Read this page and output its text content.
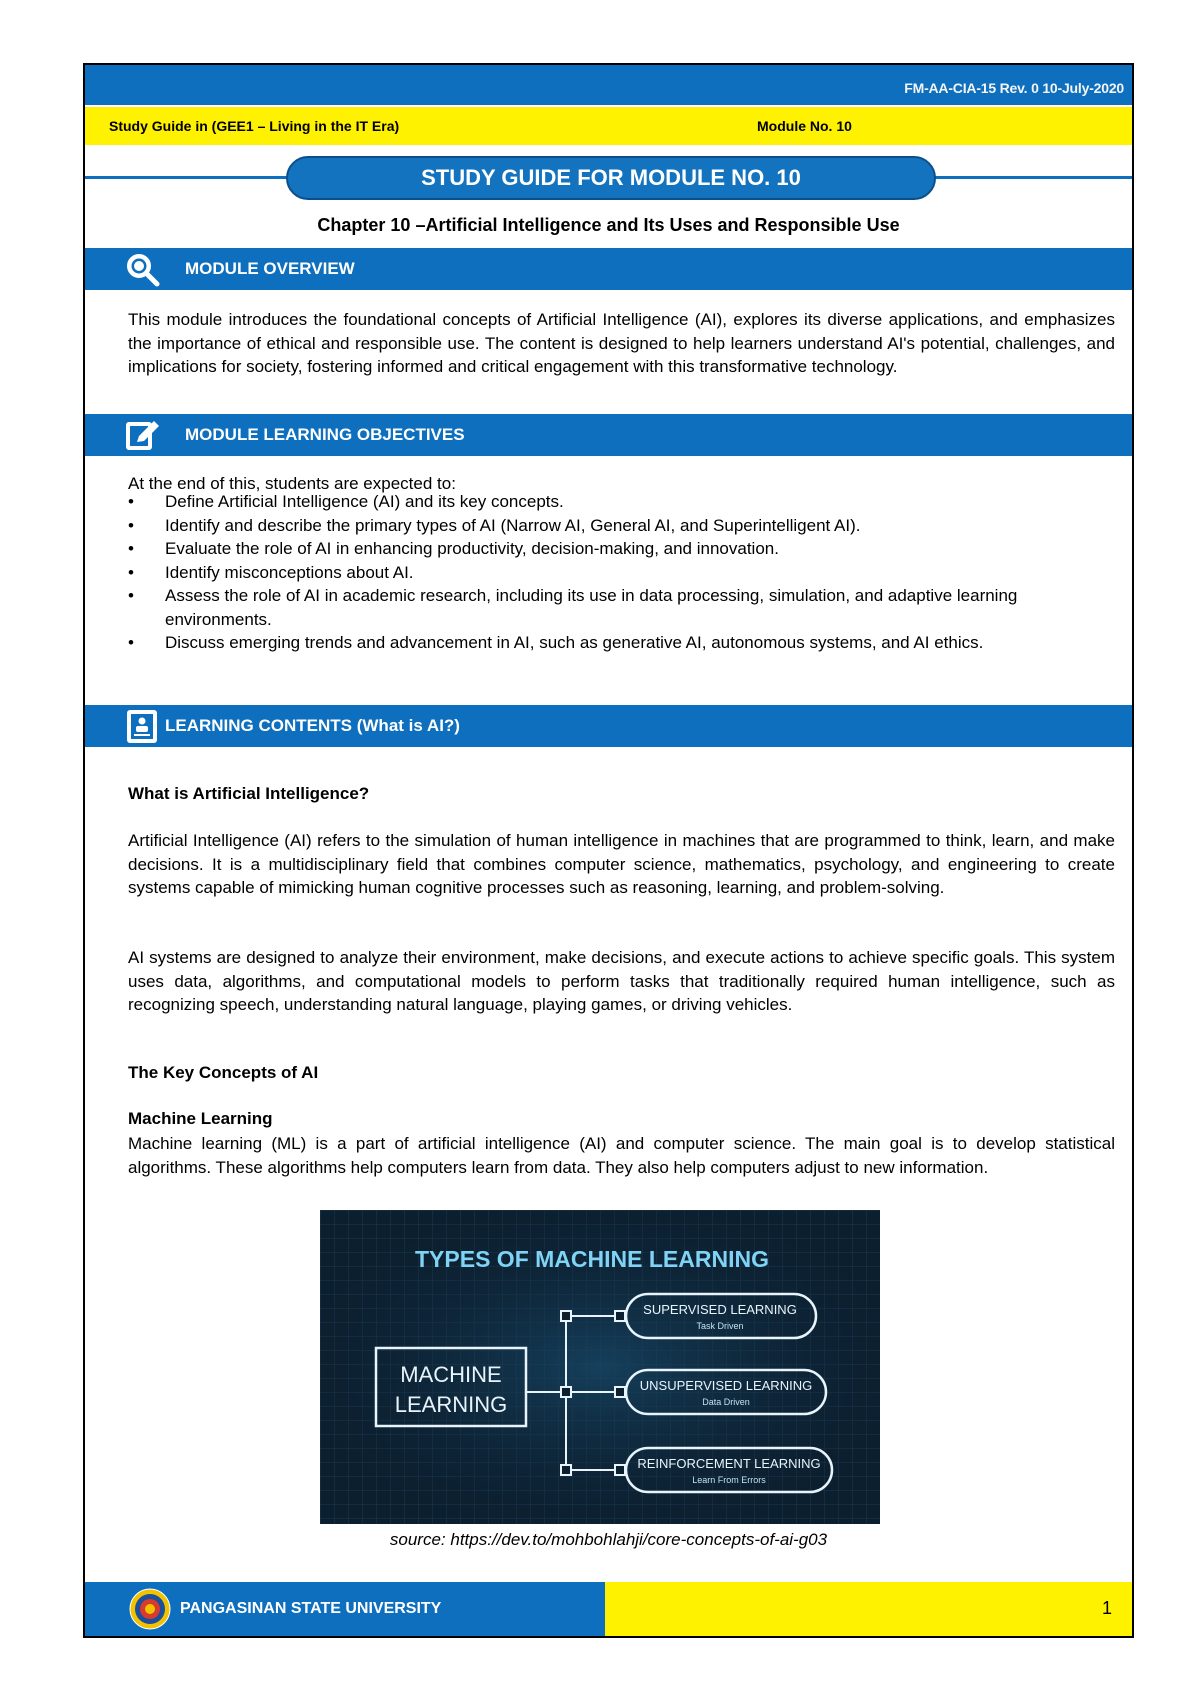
FM-AA-CIA-15 Rev. 0 10-July-2020
Study Guide in (GEE1 – Living in the IT Era)	Module No. 10
STUDY GUIDE FOR MODULE NO. 10
Chapter 10 –Artificial Intelligence and Its Uses and Responsible Use
MODULE OVERVIEW
This module introduces the foundational concepts of Artificial Intelligence (AI), explores its diverse applications, and emphasizes the importance of ethical and responsible use. The content is designed to help learners understand AI's potential, challenges, and implications for society, fostering informed and critical engagement with this transformative technology.
MODULE LEARNING OBJECTIVES
At the end of this, students are expected to:
• Define Artificial Intelligence (AI) and its key concepts.
• Identify and describe the primary types of AI (Narrow AI, General AI, and Superintelligent AI).
• Evaluate the role of AI in enhancing productivity, decision-making, and innovation.
• Identify misconceptions about AI.
• Assess the role of AI in academic research, including its use in data processing, simulation, and adaptive learning environments.
• Discuss emerging trends and advancement in AI, such as generative AI, autonomous systems, and AI ethics.
LEARNING CONTENTS (What is AI?)
What is Artificial Intelligence?
Artificial Intelligence (AI) refers to the simulation of human intelligence in machines that are programmed to think, learn, and make decisions. It is a multidisciplinary field that combines computer science, mathematics, psychology, and engineering to create systems capable of mimicking human cognitive processes such as reasoning, learning, and problem-solving.
AI systems are designed to analyze their environment, make decisions, and execute actions to achieve specific goals. This system uses data, algorithms, and computational models to perform tasks that traditionally required human intelligence, such as recognizing speech, understanding natural language, playing games, or driving vehicles.
The Key Concepts of AI
Machine Learning
Machine learning (ML) is a part of artificial intelligence (AI) and computer science. The main goal is to develop statistical algorithms. These algorithms help computers learn from data. They also help computers adjust to new information.
TYPES OF MACHINE LEARNING
MACHINE
LEARNING
SUPERVISED LEARNING
Task Driven
UNSUPERVISED LEARNING
Data Driven
REINFORCEMENT LEARNING
Learn From Errors
source: https://dev.to/mohbohlahji/core-concepts-of-ai-g03
PANGASINAN STATE UNIVERSITY	1
